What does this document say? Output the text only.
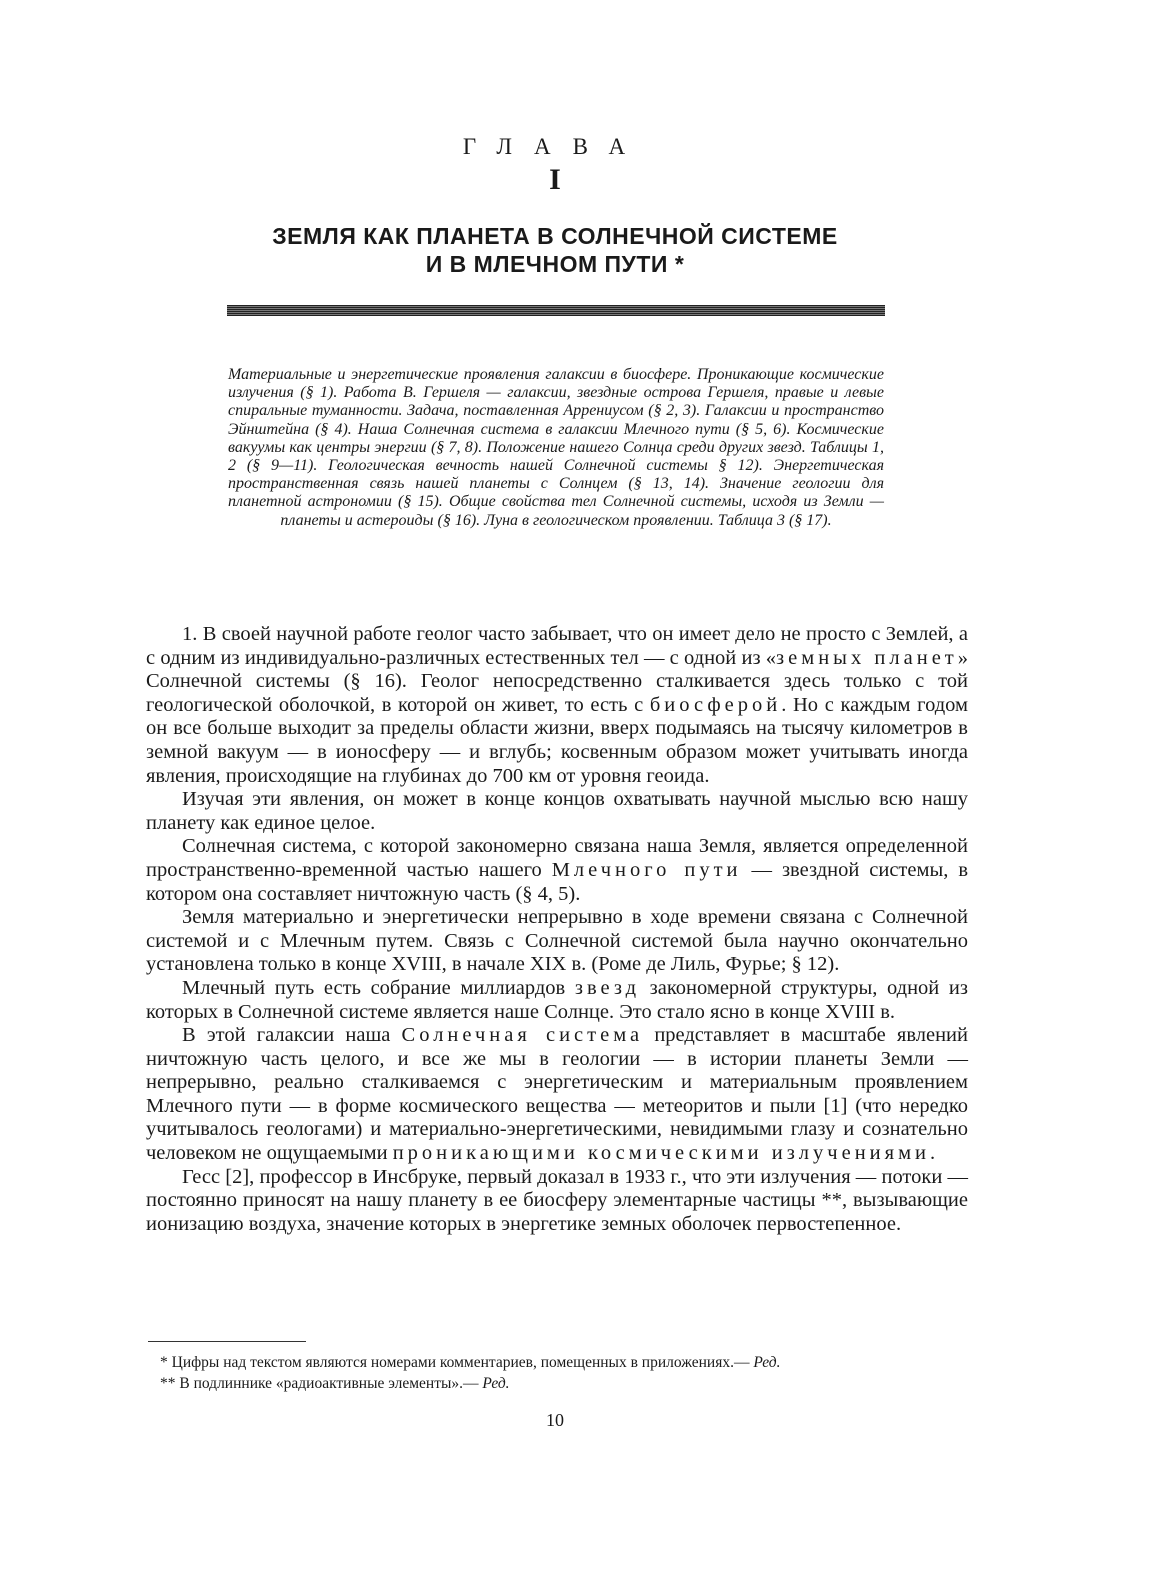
ГЛАВА
I
ЗЕМЛЯ КАК ПЛАНЕТА В СОЛНЕЧНОЙ СИСТЕМЕ
И В МЛЕЧНОМ ПУТИ *

Материальные и энергетические проявления галаксии в биосфере. Проникающие космические излучения (§ 1). Работа В. Гершеля — галаксии, звездные острова Гершеля, правые и левые спиральные туманности. Задача, поставленная Аррениусом (§ 2, 3). Галаксии и пространство Эйнштейна (§ 4). Наша Солнечная система в галаксии Млечного пути (§ 5, 6). Космические вакуумы как центры энергии (§ 7, 8). Положение нашего Солнца среди других звезд. Таблицы 1, 2 (§ 9—11). Геологическая вечность нашей Солнечной системы § 12). Энергетическая пространственная связь нашей планеты с Солнцем (§ 13, 14). Значение геологии для планетной астрономии (§ 15). Общие свойства тел Солнечной системы, исходя из Земли — планеты и астероиды (§ 16). Луна в геологическом проявлении. Таблица 3 (§ 17).

1. В своей научной работе геолог часто забывает, что он имеет дело не просто с Землей, а с одним из индивидуально-различных естественных тел — с одной из «земных планет» Солнечной системы (§ 16). Геолог непосредственно сталкивается здесь только с той геологической оболочкой, в которой он живет, то есть с биосферой. Но с каждым годом он все больше выходит за пределы области жизни, вверх подымаясь на тысячу километров в земной вакуум — в ионосферу — и вглубь; косвенным образом может учитывать иногда явления, происходящие на глубинах до 700 км от уровня геоида.

Изучая эти явления, он может в конце концов охватывать научной мыслью всю нашу планету как единое целое.

Солнечная система, с которой закономерно связана наша Земля, является определенной пространственно-временной частью нашего Млечного пути — звездной системы, в котором она составляет ничтожную часть (§ 4, 5).

Земля материально и энергетически непрерывно в ходе времени связана с Солнечной системой и с Млечным путем. Связь с Солнечной системой была научно окончательно установлена только в конце XVIII, в начале XIX в. (Роме де Лиль, Фурье; § 12).

Млечный путь есть собрание миллиардов звезд закономерной структуры, одной из которых в Солнечной системе является наше Солнце. Это стало ясно в конце XVIII в.

В этой галаксии наша Солнечная система представляет в масштабе явлений ничтожную часть целого, и все же мы в геологии — в истории планеты Земли — непрерывно, реально сталкиваемся с энергетическим и материальным проявлением Млечного пути — в форме космического вещества — метеоритов и пыли [1] (что нередко учитывалось геологами) и материально-энергетическими, невидимыми глазу и сознательно человеком не ощущаемыми проникающими космическими излучениями.

Гесс [2], профессор в Инсбруке, первый доказал в 1933 г., что эти излучения — потоки — постоянно приносят на нашу планету в ее биосферу элементарные частицы **, вызывающие ионизацию воздуха, значение которых в энергетике земных оболочек первостепенное.

* Цифры над текстом являются номерами комментариев, помещенных в приложениях.— Ред.

** В подлиннике «радиоактивные элементы».— Ред.

10
